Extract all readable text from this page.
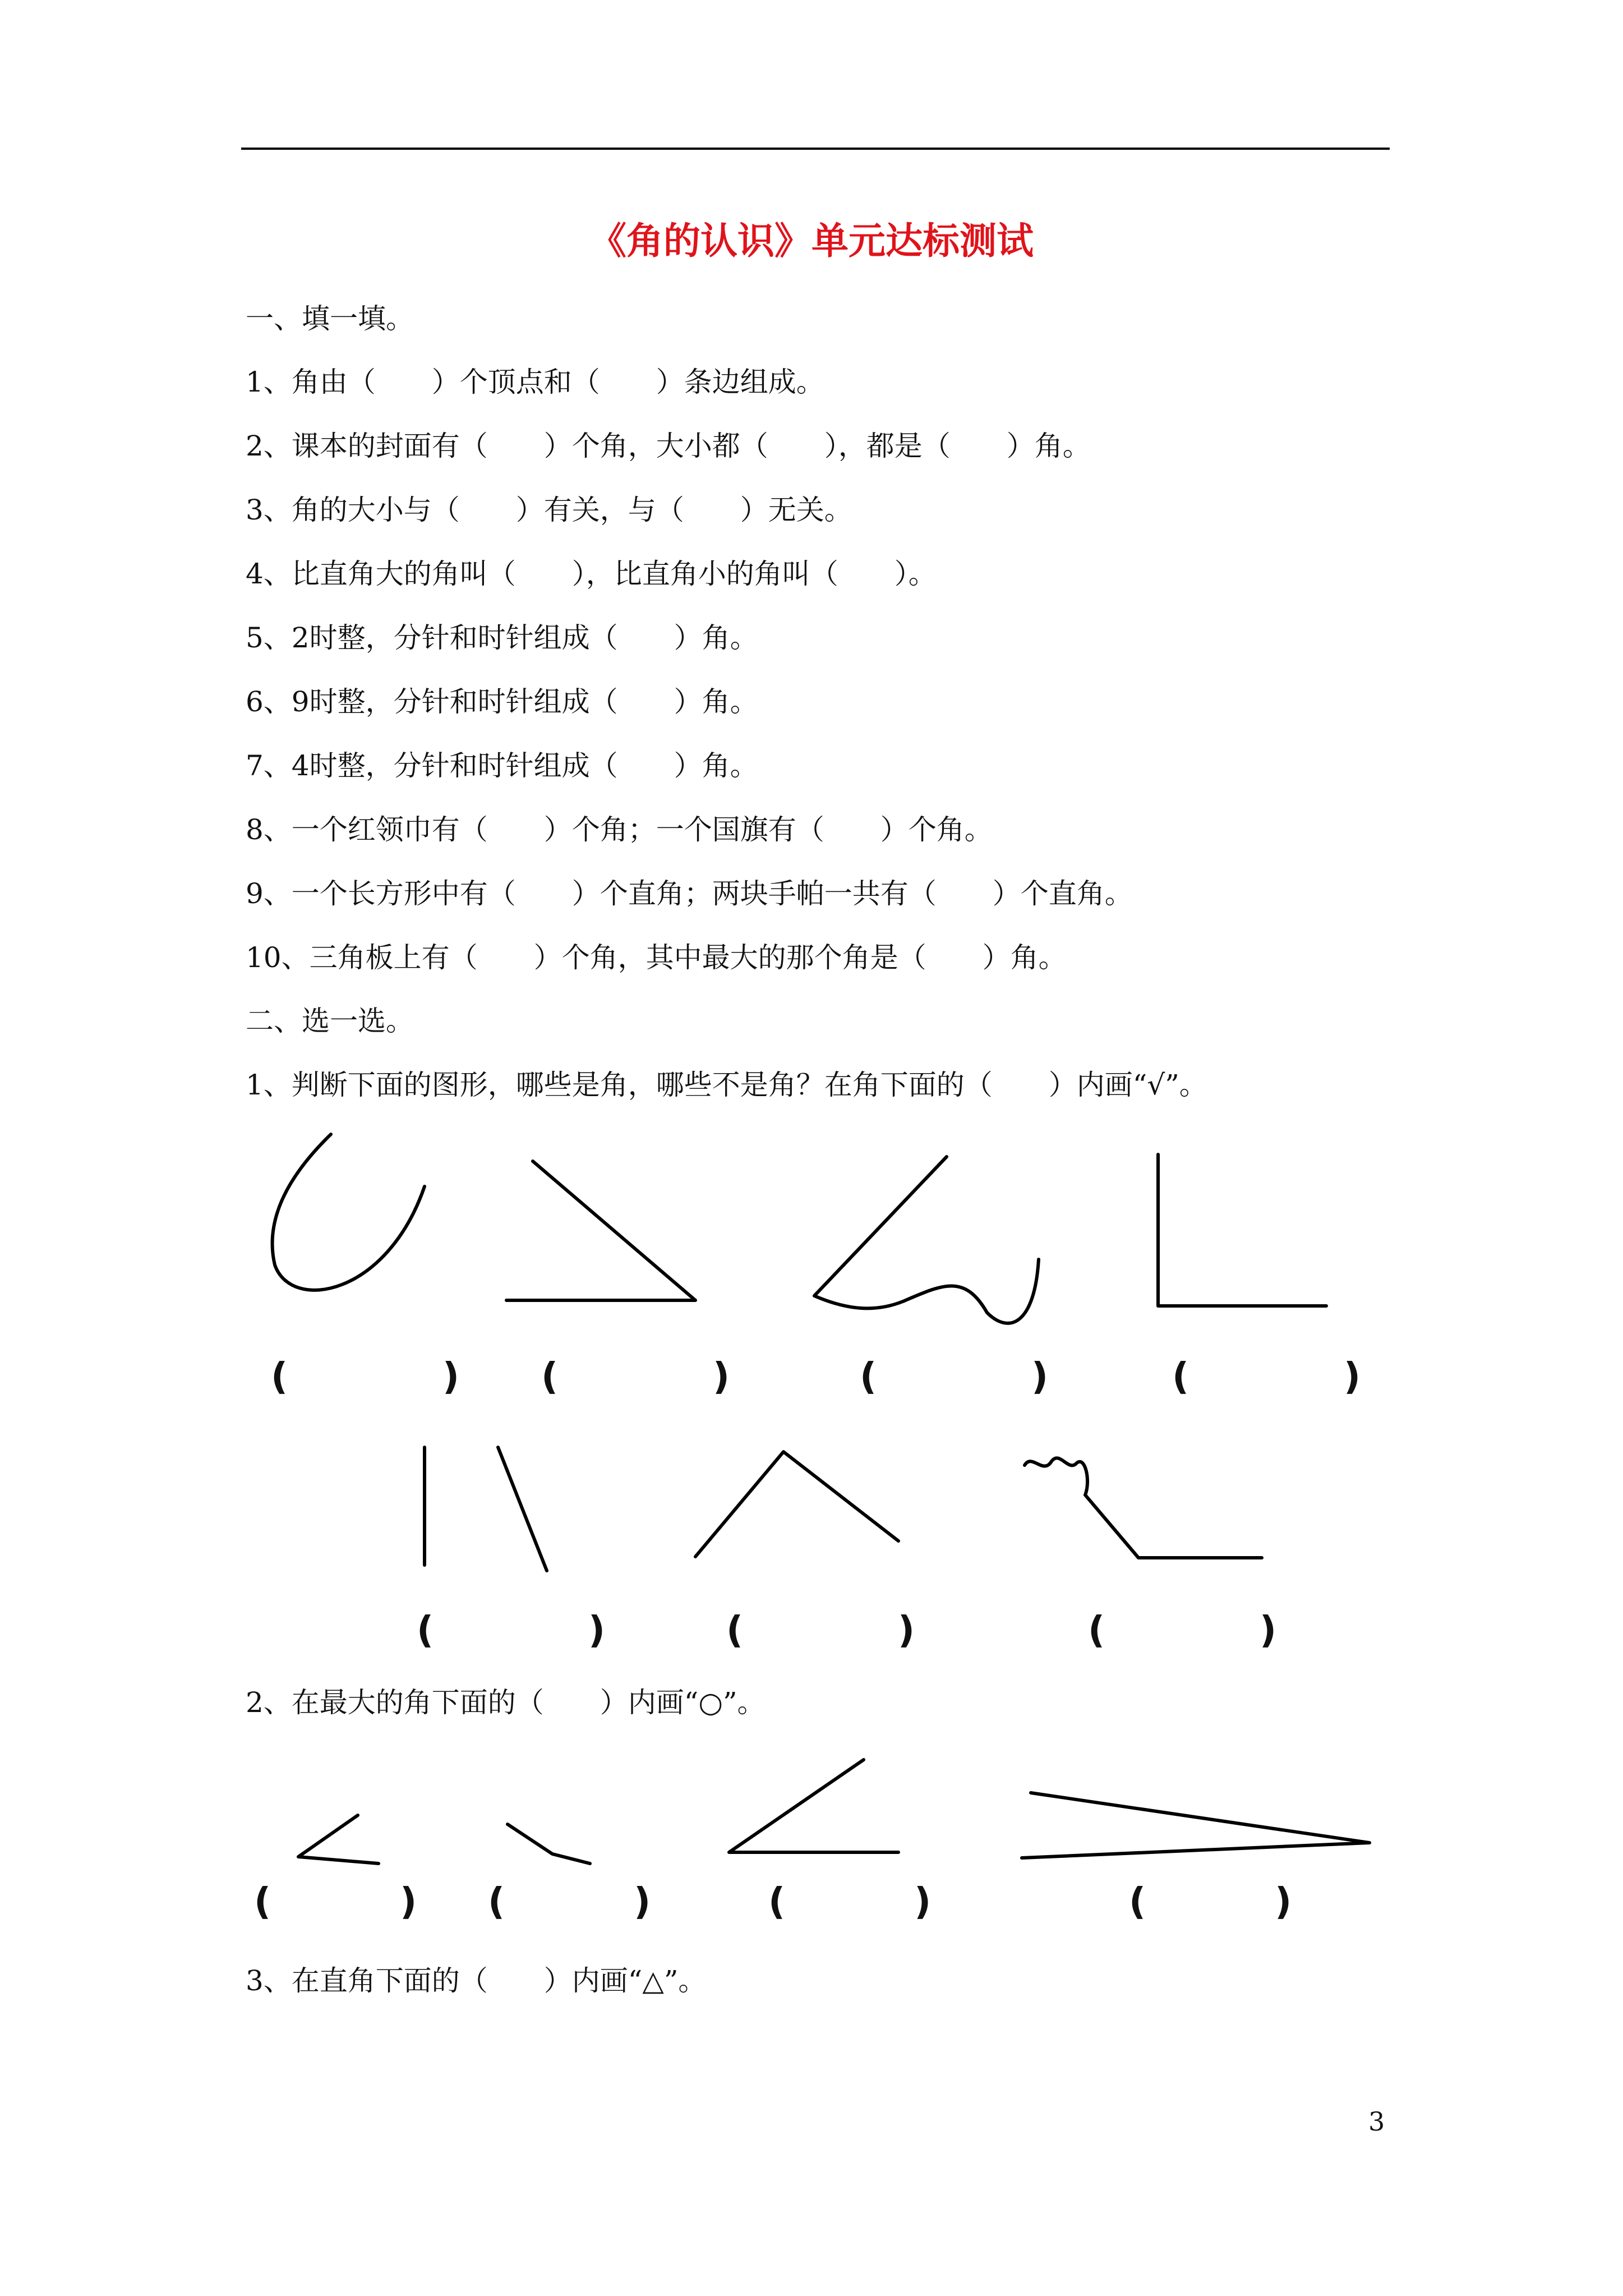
《角的认识》单元达标测试
一、填一填。
1、角由（　　）个顶点和（　　）条边组成。
2、课本的封面有（　　）个角，大小都（　　），都是（　　）角。
3、角的大小与（　　）有关，与（　　）无关。
4、比直角大的角叫（　　），比直角小的角叫（　　）。
5、2时整，分针和时针组成（　　）角。
6、9时整，分针和时针组成（　　）角。
7、4时整，分针和时针组成（　　）角。
8、一个红领巾有（　　）个角；一个国旗有（　　）个角。
9、一个长方形中有（　　）个直角；两块手帕一共有（　　）个直角。
10、三角板上有（　　）个角，其中最大的那个角是（　　）角。
二、选一选。
1、判断下面的图形，哪些是角，哪些不是角？在角下面的（　　）内画“√”。
(	) (	)	(	)	(	)
(	)	(	)	(	)
2、在最大的角下面的（　　）内画“○”。
(	) (	)	(	)	(	)
3、在直角下面的（　　）内画“△”。
3
